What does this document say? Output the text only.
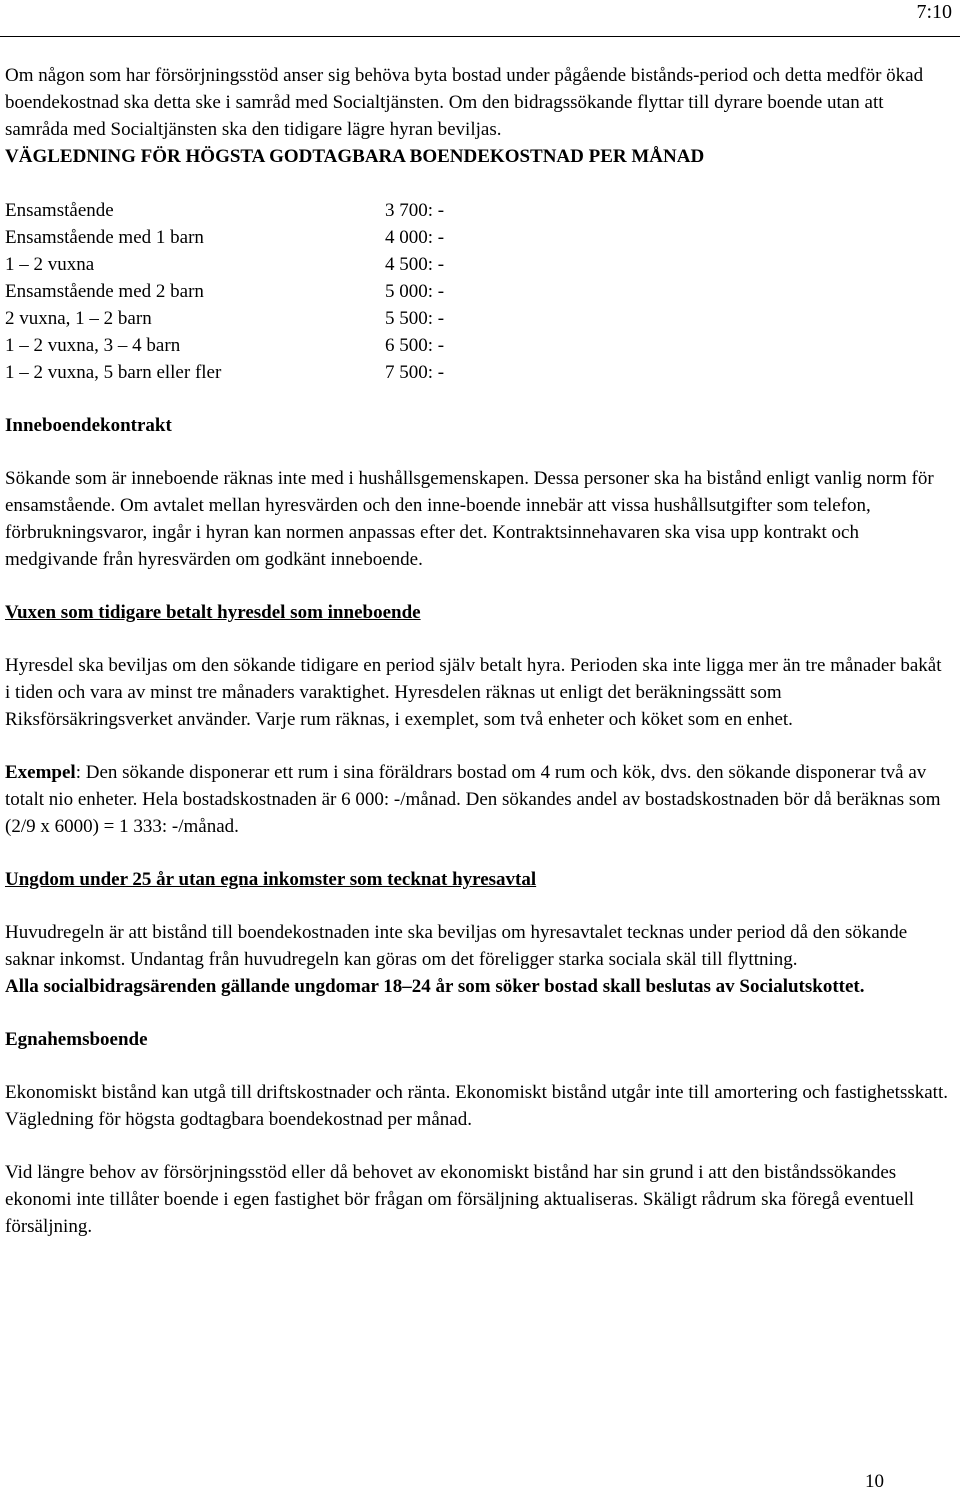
7:10

Om någon som har försörjningsstöd anser sig behöva byta bostad under pågående bistånds-period och detta medför ökad boendekostnad ska detta ske i samråd med Socialtjänsten. Om den bidragssökande flyttar till dyrare boende utan att samråda med Socialtjänsten ska den tidigare lägre hyran beviljas.

VÄGLEDNING FÖR HÖGSTA GODTAGBARA BOENDEKOSTNAD PER MÅNAD

Ensamstående	3 700: -
Ensamstående med 1 barn	4 000: -
1 – 2 vuxna	4 500: -
Ensamstående med 2 barn	5 000: -
2 vuxna, 1 – 2 barn	5 500: -
1 – 2 vuxna, 3 – 4 barn	6 500: -
1 – 2 vuxna, 5 barn eller fler	7 500: -

Inneboendekontrakt

Sökande som är inneboende räknas inte med i hushållsgemenskapen. Dessa personer ska ha bistånd enligt vanlig norm för ensamstående. Om avtalet mellan hyresvärden och den inne-boende innebär att vissa hushållsutgifter som telefon, förbrukningsvaror, ingår i hyran kan normen anpassas efter det. Kontraktsinnehavaren ska visa upp kontrakt och medgivande från hyresvärden om godkänt inneboende.

Vuxen som tidigare betalt hyresdel som inneboende

Hyresdel ska beviljas om den sökande tidigare en period själv betalt hyra. Perioden ska inte ligga mer än tre månader bakåt i tiden och vara av minst tre månaders varaktighet. Hyresdelen räknas ut enligt det beräkningssätt som Riksförsäkringsverket använder. Varje rum räknas, i exemplet, som två enheter och köket som en enhet.

Exempel: Den sökande disponerar ett rum i sina föräldrars bostad om 4 rum och kök, dvs. den sökande disponerar två av totalt nio enheter. Hela bostadskostnaden är 6 000: -/månad. Den sökandes andel av bostadskostnaden bör då beräknas som (2/9 x 6000) = 1 333: -/månad.

Ungdom under 25 år utan egna inkomster som tecknat hyresavtal

Huvudregeln är att bistånd till boendekostnaden inte ska beviljas om hyresavtalet tecknas under period då den sökande saknar inkomst. Undantag från huvudregeln kan göras om det föreligger starka sociala skäl till flyttning.

Alla socialbidragsärenden gällande ungdomar 18–24 år som söker bostad skall beslutas av Socialutskottet.

Egnahemsboende

Ekonomiskt bistånd kan utgå till driftskostnader och ränta. Ekonomiskt bistånd utgår inte till amortering och fastighetsskatt. Vägledning för högsta godtagbara boendekostnad per månad.

Vid längre behov av försörjningsstöd eller då behovet av ekonomiskt bistånd har sin grund i att den biståndssökandes ekonomi inte tillåter boende i egen fastighet bör frågan om försäljning aktualiseras. Skäligt rådrum ska föregå eventuell försäljning.

10
